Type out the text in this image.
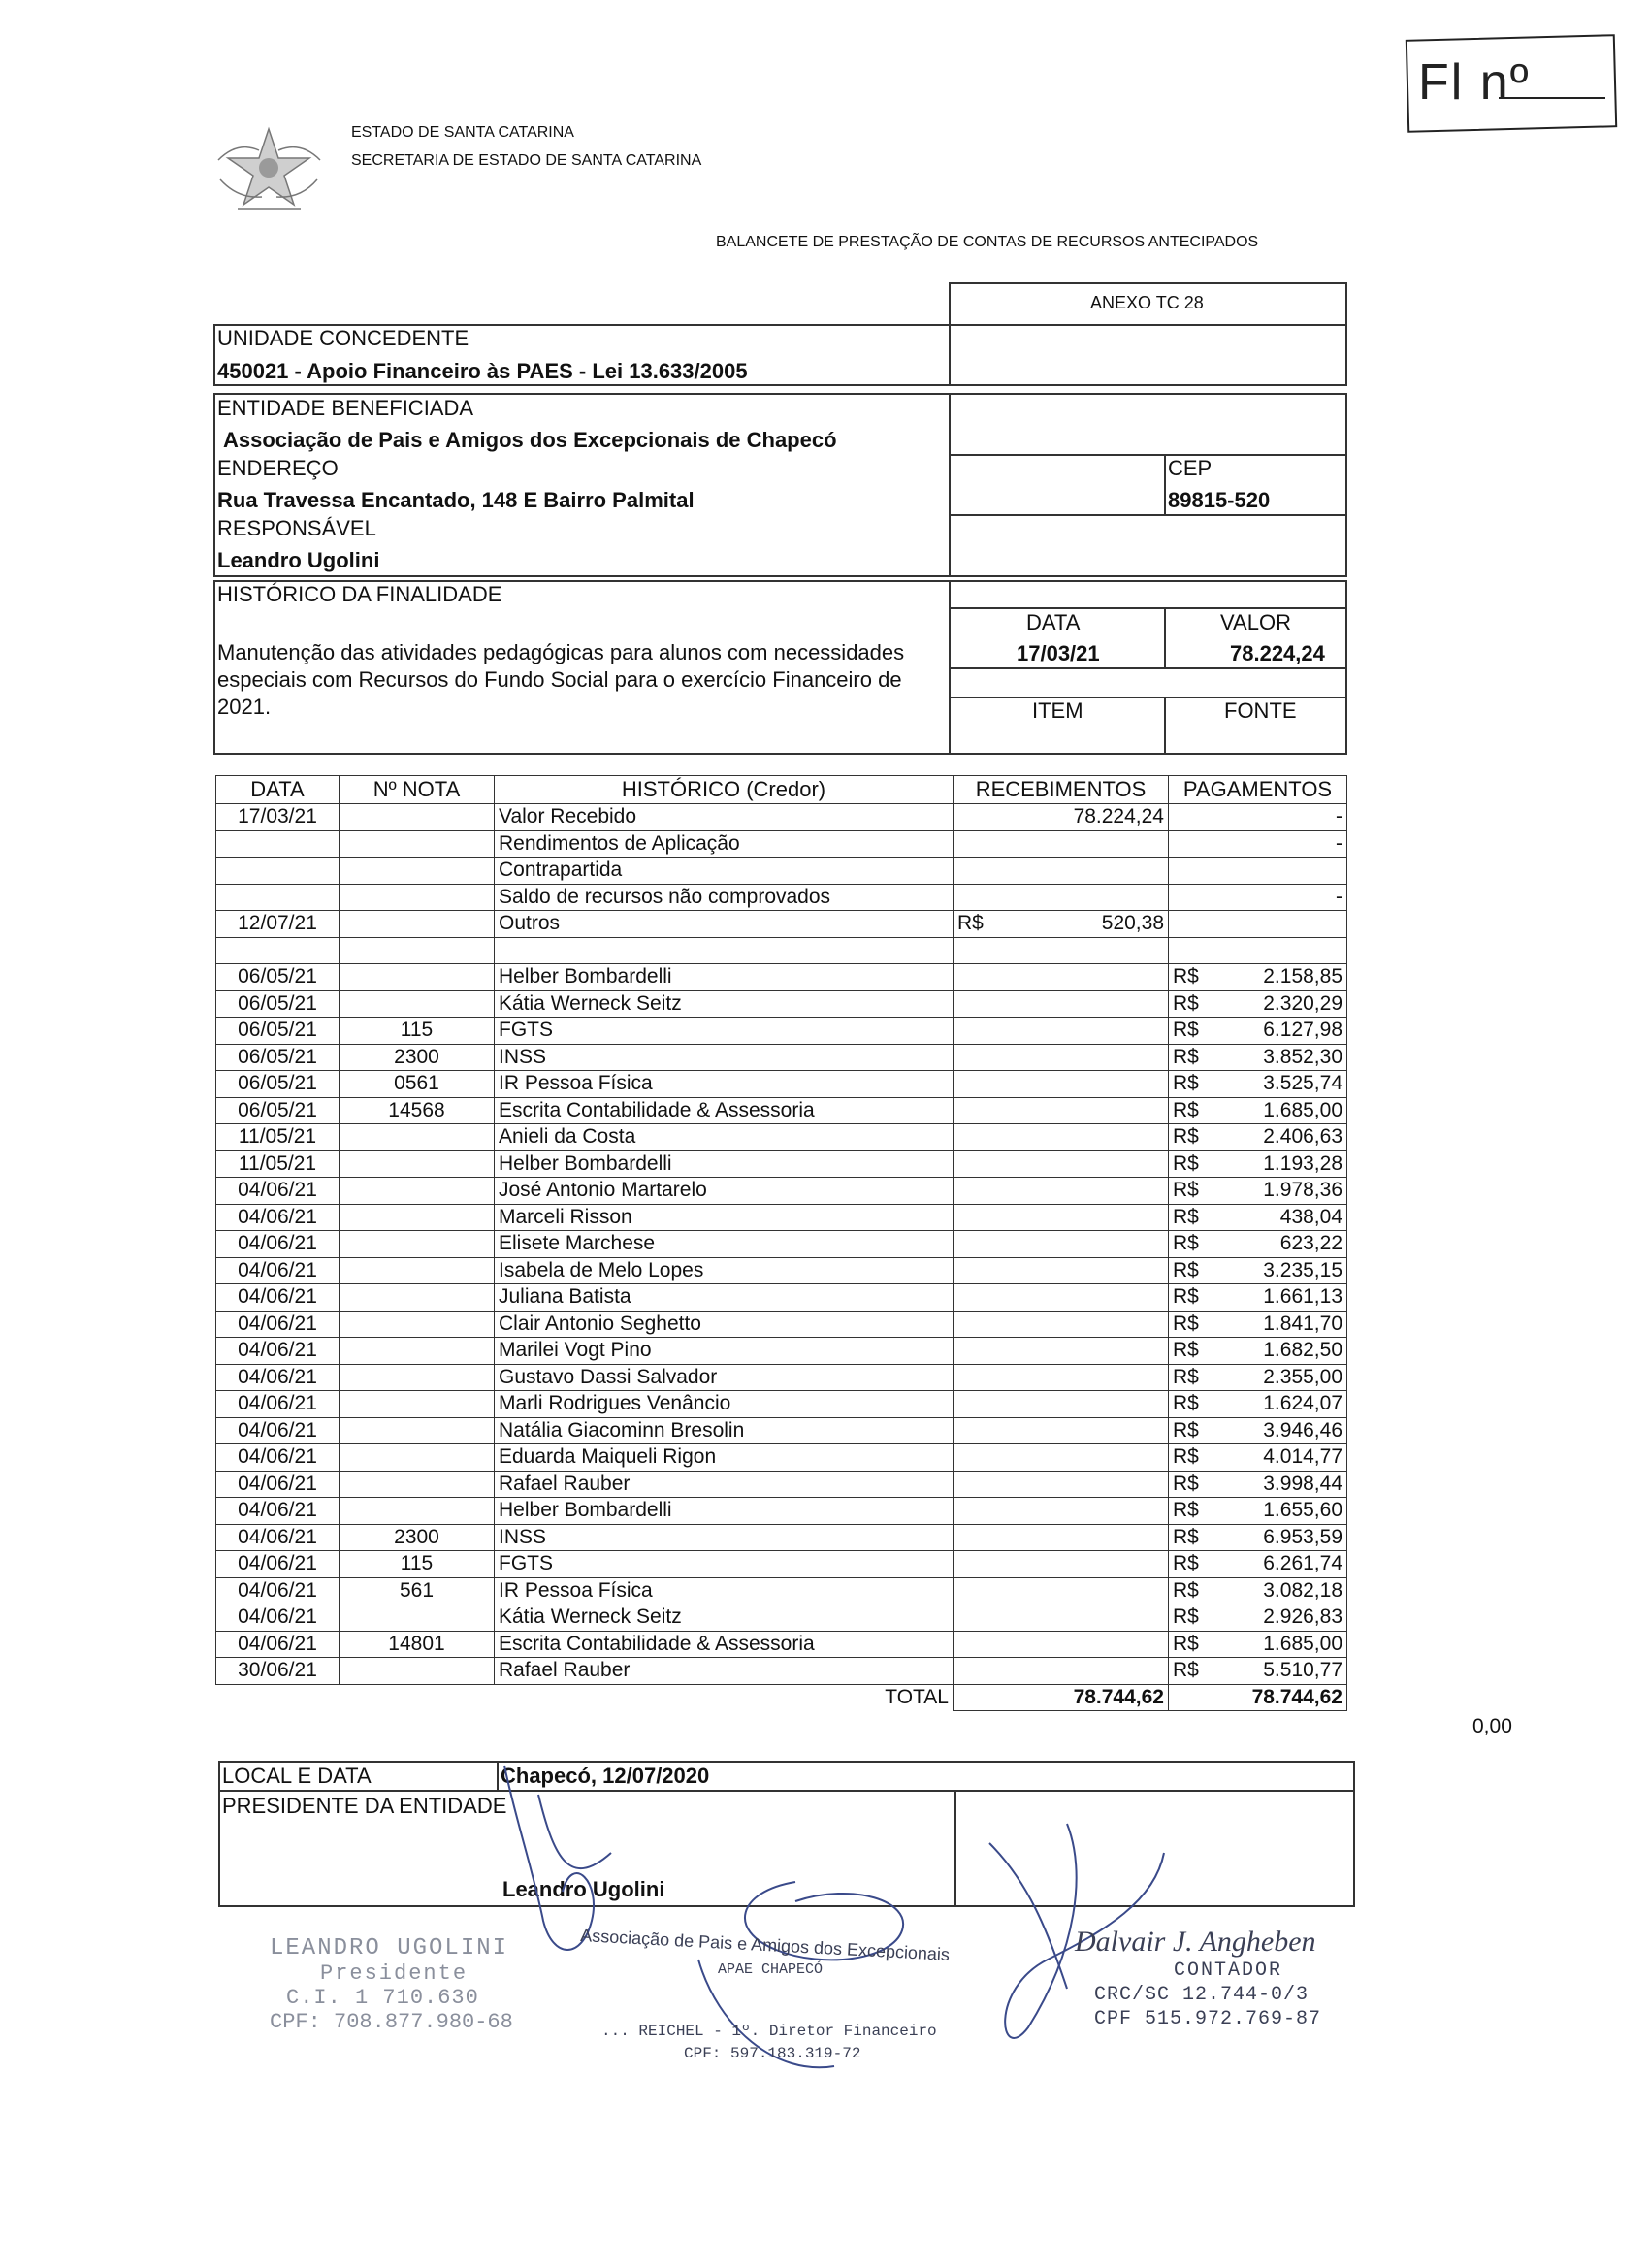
Fl nº
ESTADO DE SANTA CATARINA
SECRETARIA DE ESTADO DE SANTA CATARINA
BALANCETE DE PRESTAÇÃO DE CONTAS DE RECURSOS ANTECIPADOS
ANEXO TC 28
UNIDADE CONCEDENTE
450021 - Apoio Financeiro às PAES - Lei 13.633/2005
ENTIDADE BENEFICIADA
Associação de Pais e Amigos dos Excepcionais de Chapecó
ENDEREÇO
Rua Travessa Encantado, 148 E Bairro Palmital
CEP
89815-520
RESPONSÁVEL
Leandro Ugolini
HISTÓRICO DA FINALIDADE
Manutenção das atividades pedagógicas para alunos com necessidades
especiais com Recursos do Fundo Social para o exercício Financeiro de
2021.
DATA
17/03/21
VALOR
78.224,24
ITEM	FONTE
DATA	Nº NOTA	HISTÓRICO (Credor)	RECEBIMENTOS	PAGAMENTOS
17/03/21		Valor Recebido	78.224,24	-

		Rendimentos de Aplicação		-

		Contrapartida	

		Saldo de recursos não comprovados		-

12/07/21		Outros	R$ 520,38	

06/05/21		Helber Bombardelli		R$ 2.158,85

06/05/21		Kátia Werneck Seitz		R$ 2.320,29

06/05/21	115	FGTS		R$ 6.127,98

06/05/21	2300	INSS		R$ 3.852,30

06/05/21	0561	IR Pessoa Física		R$ 3.525,74

06/05/21	14568	Escrita Contabilidade & Assessoria		R$ 1.685,00

11/05/21		Anieli da Costa		R$ 2.406,63

11/05/21		Helber Bombardelli		R$ 1.193,28

04/06/21		José Antonio Martarelo		R$ 1.978,36

04/06/21		Marceli Risson		R$ 438,04

04/06/21		Elisete Marchese		R$ 623,22

04/06/21		Isabela de Melo Lopes		R$ 3.235,15

04/06/21		Juliana Batista		R$ 1.661,13

04/06/21		Clair Antonio Seghetto		R$ 1.841,70

04/06/21		Marilei Vogt Pino		R$ 1.682,50

04/06/21		Gustavo Dassi Salvador		R$ 2.355,00

04/06/21		Marli Rodrigues Venâncio		R$ 1.624,07

04/06/21		Natália Giacominn Bresolin		R$ 3.946,46

04/06/21		Eduarda Maiqueli Rigon		R$ 4.014,77

04/06/21		Rafael Rauber		R$ 3.998,44

04/06/21		Helber Bombardelli		R$ 1.655,60

04/06/21	2300	INSS		R$ 6.953,59

04/06/21	115	FGTS		R$ 6.261,74

04/06/21	561	IR Pessoa Física		R$ 3.082,18

04/06/21		Kátia Werneck Seitz		R$ 2.926,83

04/06/21	14801	Escrita Contabilidade & Assessoria		R$ 1.685,00

30/06/21		Rafael Rauber		R$ 5.510,77

TOTAL			78.744,62	78.744,62
0,00
LOCAL E DATA	Chapecó, 12/07/2020
PRESIDENTE DA ENTIDADE
Leandro Ugolini
LEANDRO UGOLINI
Presidente
C.I. 1 710.630
CPF: 708.877.980-68
Associação de Pais e Amigos dos Excepcionais
APAE CHAPECÓ
... REICHEL - 1º. Diretor Financeiro
CPF: 597.183.319-72
Dalvair J. Angheben
CONTADOR
CRC/SC 12.744-0/3
CPF 515.972.769-87
